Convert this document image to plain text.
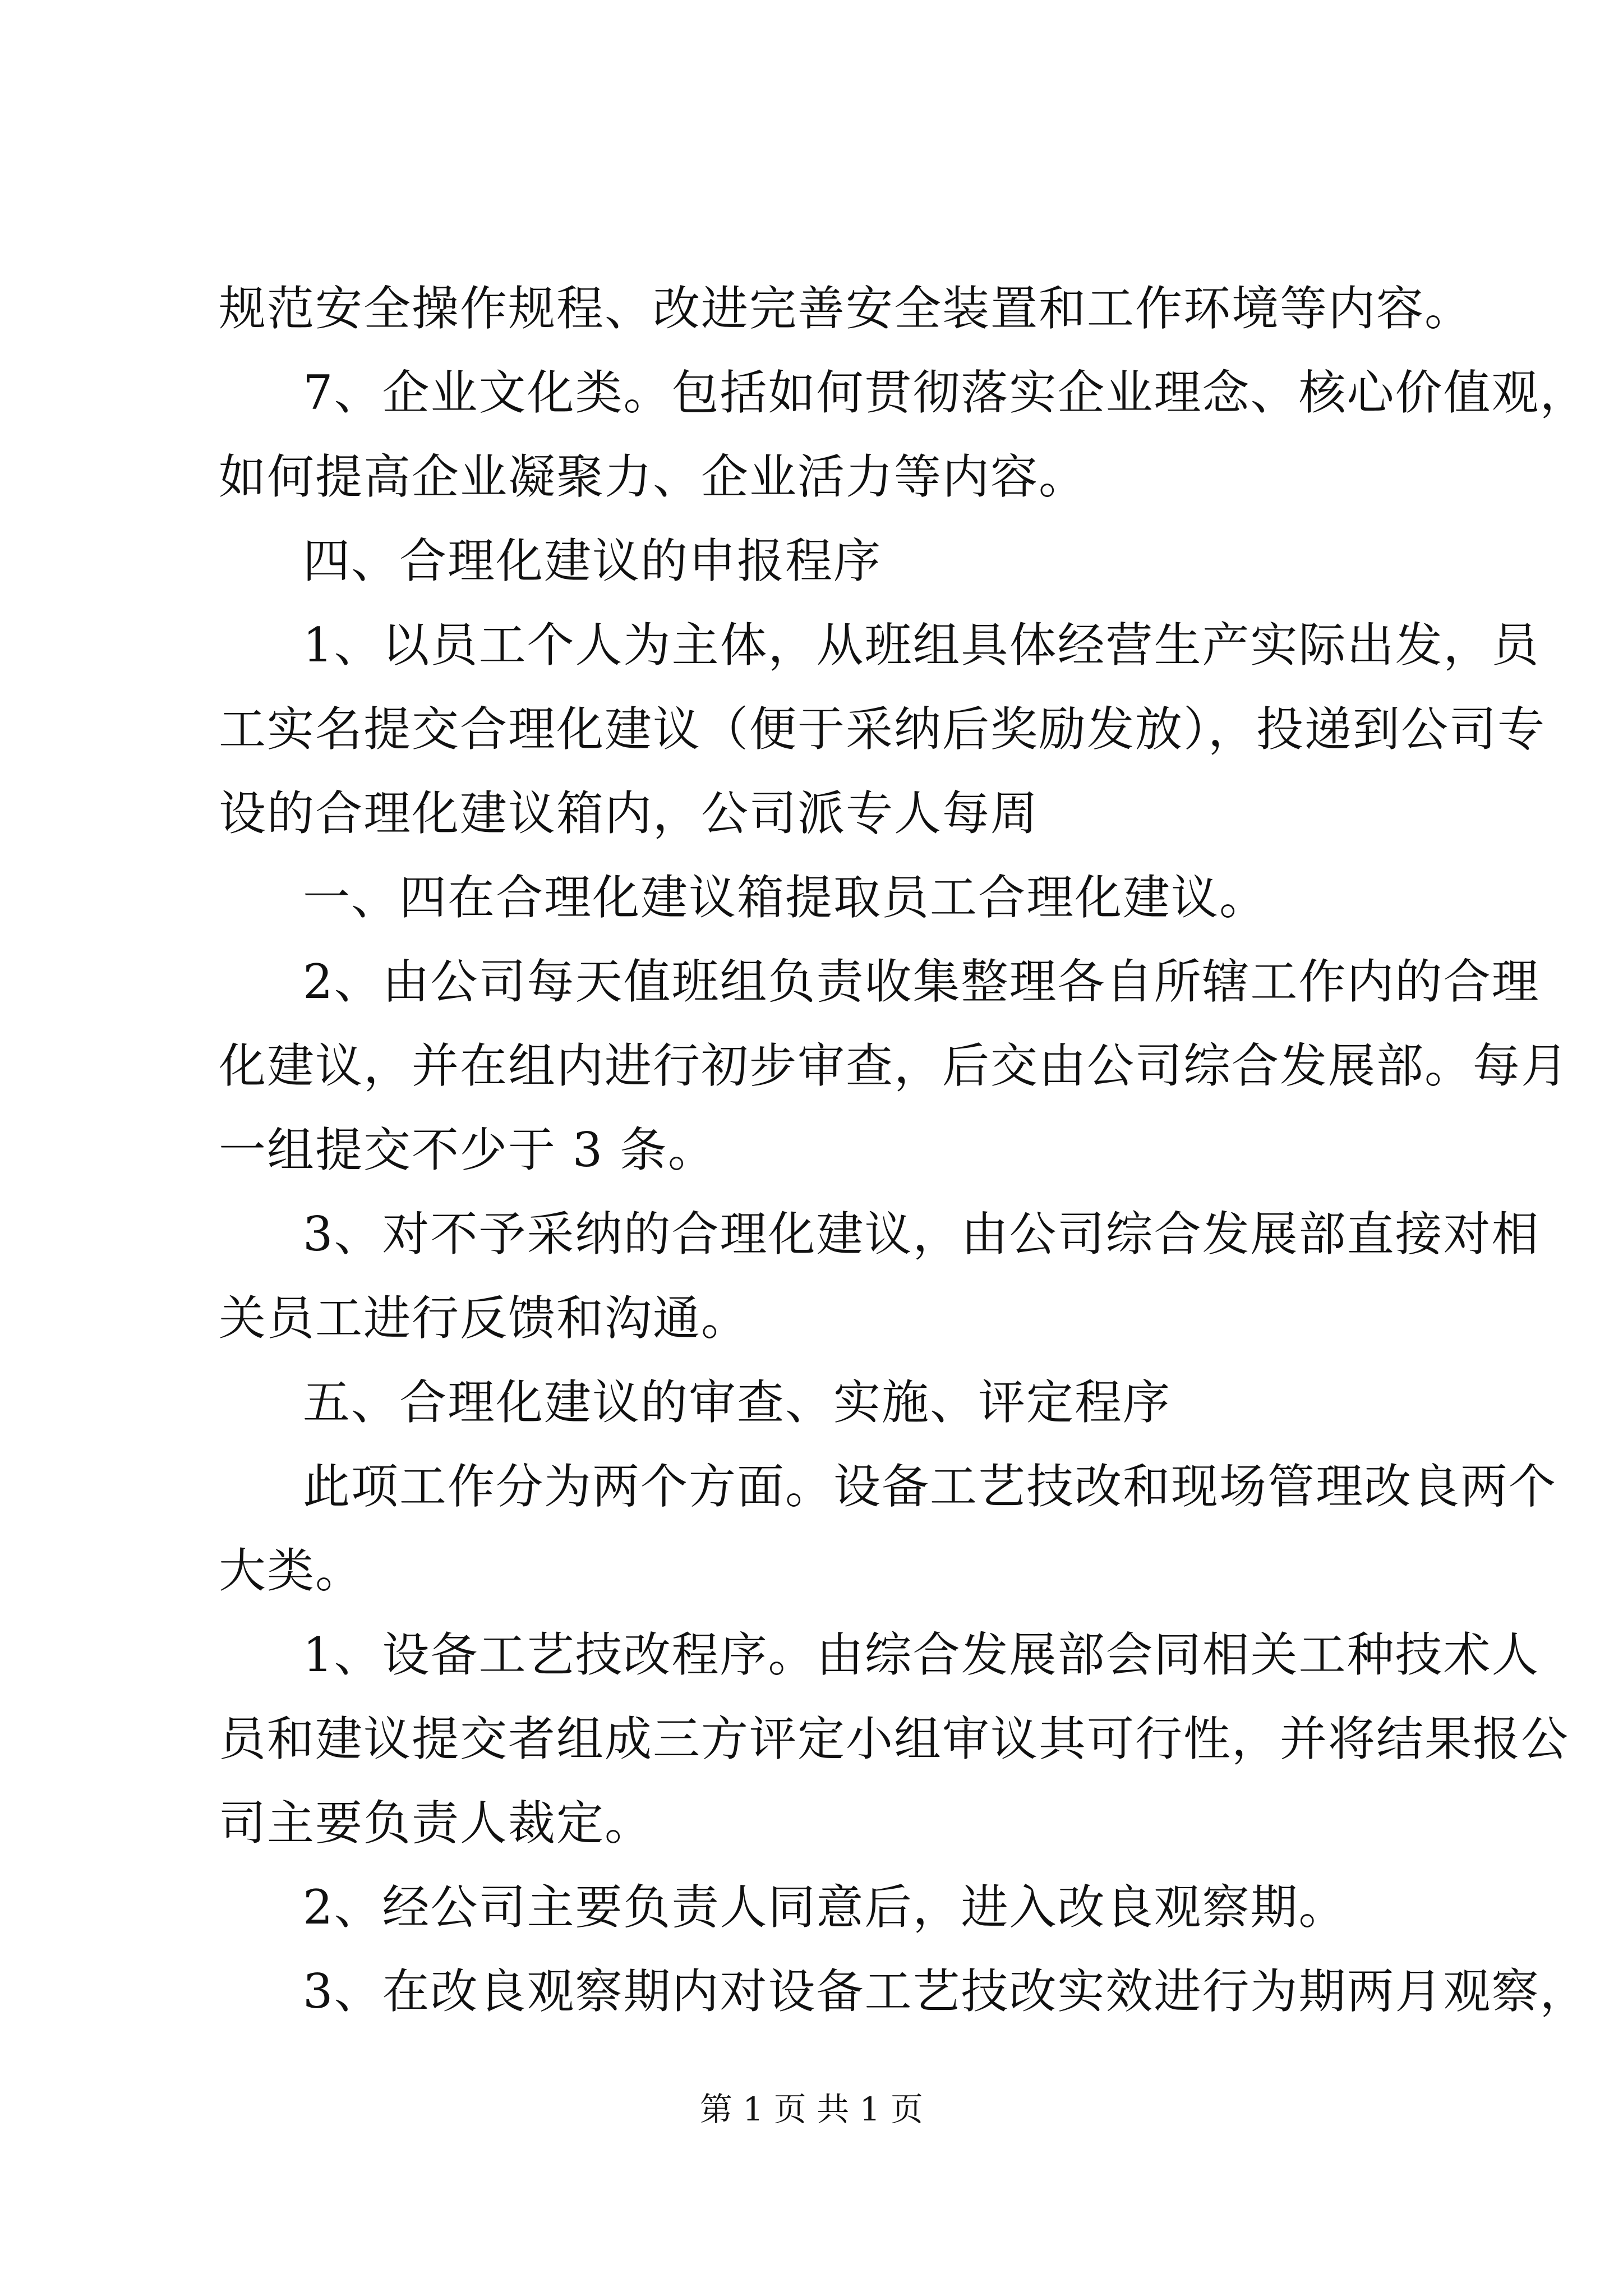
规范安全操作规程、改进完善安全装置和工作环境等内容。
7、企业文化类。包括如何贯彻落实企业理念、核心价值观，
如何提高企业凝聚力、企业活力等内容。
四、合理化建议的申报程序
1、以员工个人为主体，从班组具体经营生产实际出发，员
工实名提交合理化建议（便于采纳后奖励发放），投递到公司专
设的合理化建议箱内，公司派专人每周
一、四在合理化建议箱提取员工合理化建议。
2、由公司每天值班组负责收集整理各自所辖工作内的合理
化建议，并在组内进行初步审查，后交由公司综合发展部。每月
一组提交不少于 3 条。
3、对不予采纳的合理化建议，由公司综合发展部直接对相
关员工进行反馈和沟通。
五、合理化建议的审查、实施、评定程序
此项工作分为两个方面。设备工艺技改和现场管理改良两个
大类。
1、设备工艺技改程序。由综合发展部会同相关工种技术人
员和建议提交者组成三方评定小组审议其可行性，并将结果报公
司主要负责人裁定。
2、经公司主要负责人同意后，进入改良观察期。
3、在改良观察期内对设备工艺技改实效进行为期两月观察，
第 1 页 共 1 页
